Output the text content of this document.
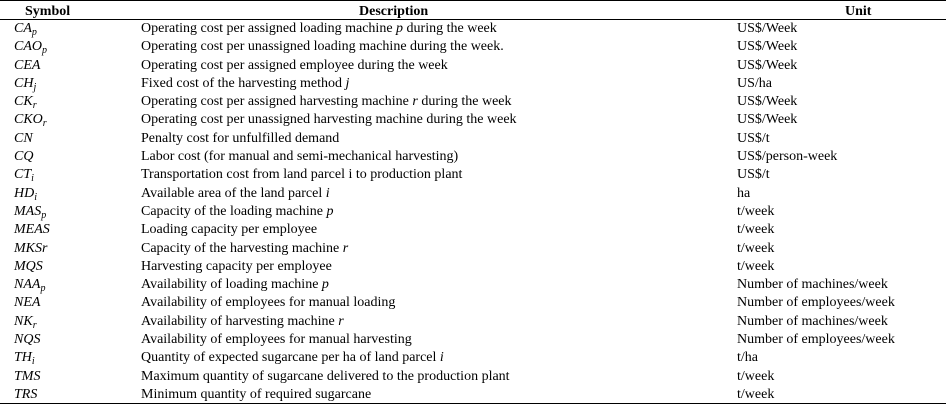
Symbol	Description	Unit
$CA_p$	Operating cost per assigned loading machine p during the week	US$/Week
$CAO_p$	Operating cost per unassigned loading machine during the week.	US$/Week
CEA	Operating cost per assigned employee during the week	US$/Week
$CH_j$	Fixed cost of the harvesting method j	US/ha
$CK_r$	Operating cost per assigned harvesting machine r during the week	US$/Week
$CKO_r$	Operating cost per unassigned harvesting machine during the week	US$/Week
CN	Penalty cost for unfulfilled demand	US$/t
CQ	Labor cost (for manual and semi-mechanical harvesting)	US$/person-week
$CT_i$	Transportation cost from land parcel i to production plant	US$/t
$HD_i$	Available area of the land parcel i	ha
$MAS_p$	Capacity of the loading machine p	t/week
MEAS	Loading capacity per employee	t/week
MKSr	Capacity of the harvesting machine r	t/week
MQS	Harvesting capacity per employee	t/week
$NAA_p$	Availability of loading machine p	Number of machines/week
NEA	Availability of employees for manual loading	Number of employees/week
$NK_r$	Availability of harvesting machine r	Number of machines/week
NQS	Availability of employees for manual harvesting	Number of employees/week
$TH_i$	Quantity of expected sugarcane per ha of land parcel i	t/ha
TMS	Maximum quantity of sugarcane delivered to the production plant	t/week
TRS	Minimum quantity of required sugarcane	t/week
